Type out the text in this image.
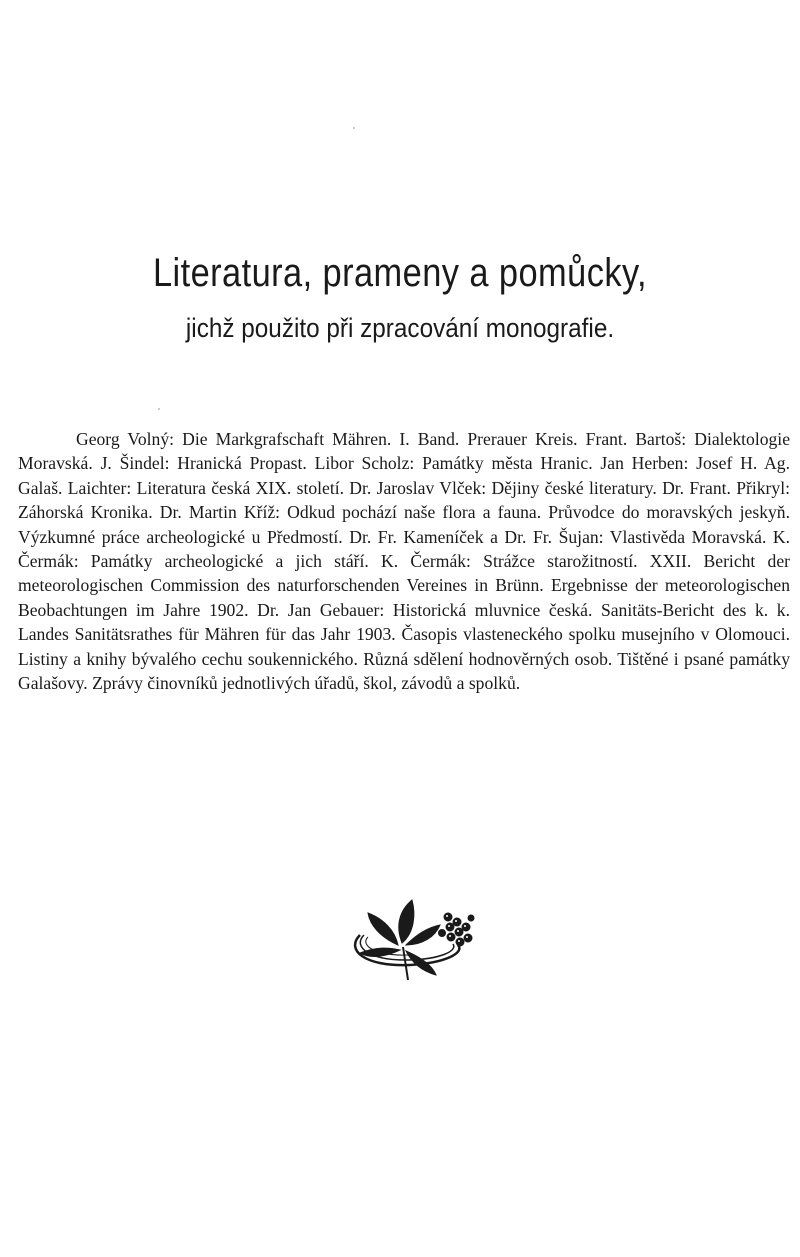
Literatura, prameny a pomůcky,
jichž použito při zpracování monografie.

Georg Volný: Die Markgrafschaft Mähren. I. Band. Prerauer Kreis. Frant. Bartoš: Dialektologie Moravská. J. Šindel: Hranická Propast. Libor Scholz: Památky města Hranic. Jan Herben: Josef H. Ag. Galaš. Laichter: Literatura česká XIX. století. Dr. Jaroslav Vlček: Dějiny české literatury. Dr. Frant. Přikryl: Záhorská Kronika. Dr. Martin Kříž: Odkud pochází naše flora a fauna. Průvodce do moravských jeskyň. Výzkumné práce archeologické u Předmostí. Dr. Fr. Kameníček a Dr. Fr. Šujan: Vlastivěda Moravská. K. Čermák: Památky archeologické a jich stáří. K. Čermák: Strážce starožitností. XXII. Bericht der meteorologischen Commission des naturforschenden Vereines in Brünn. Ergebnisse der meteorologischen Beobachtungen im Jahre 1902. Dr. Jan Gebauer: Historická mluvnice česká. Sanitäts-Bericht des k. k. Landes Sanitätsrathes für Mähren für das Jahr 1903. Časopis vlasteneckého spolku musejního v Olomouci. Listiny a knihy bývalého cechu soukennického. Různá sdělení hodnověrných osob. Tištěné i psané památky Galašovy. Zprávy činovníků jednotlivých úřadů, škol, závodů a spolků.
